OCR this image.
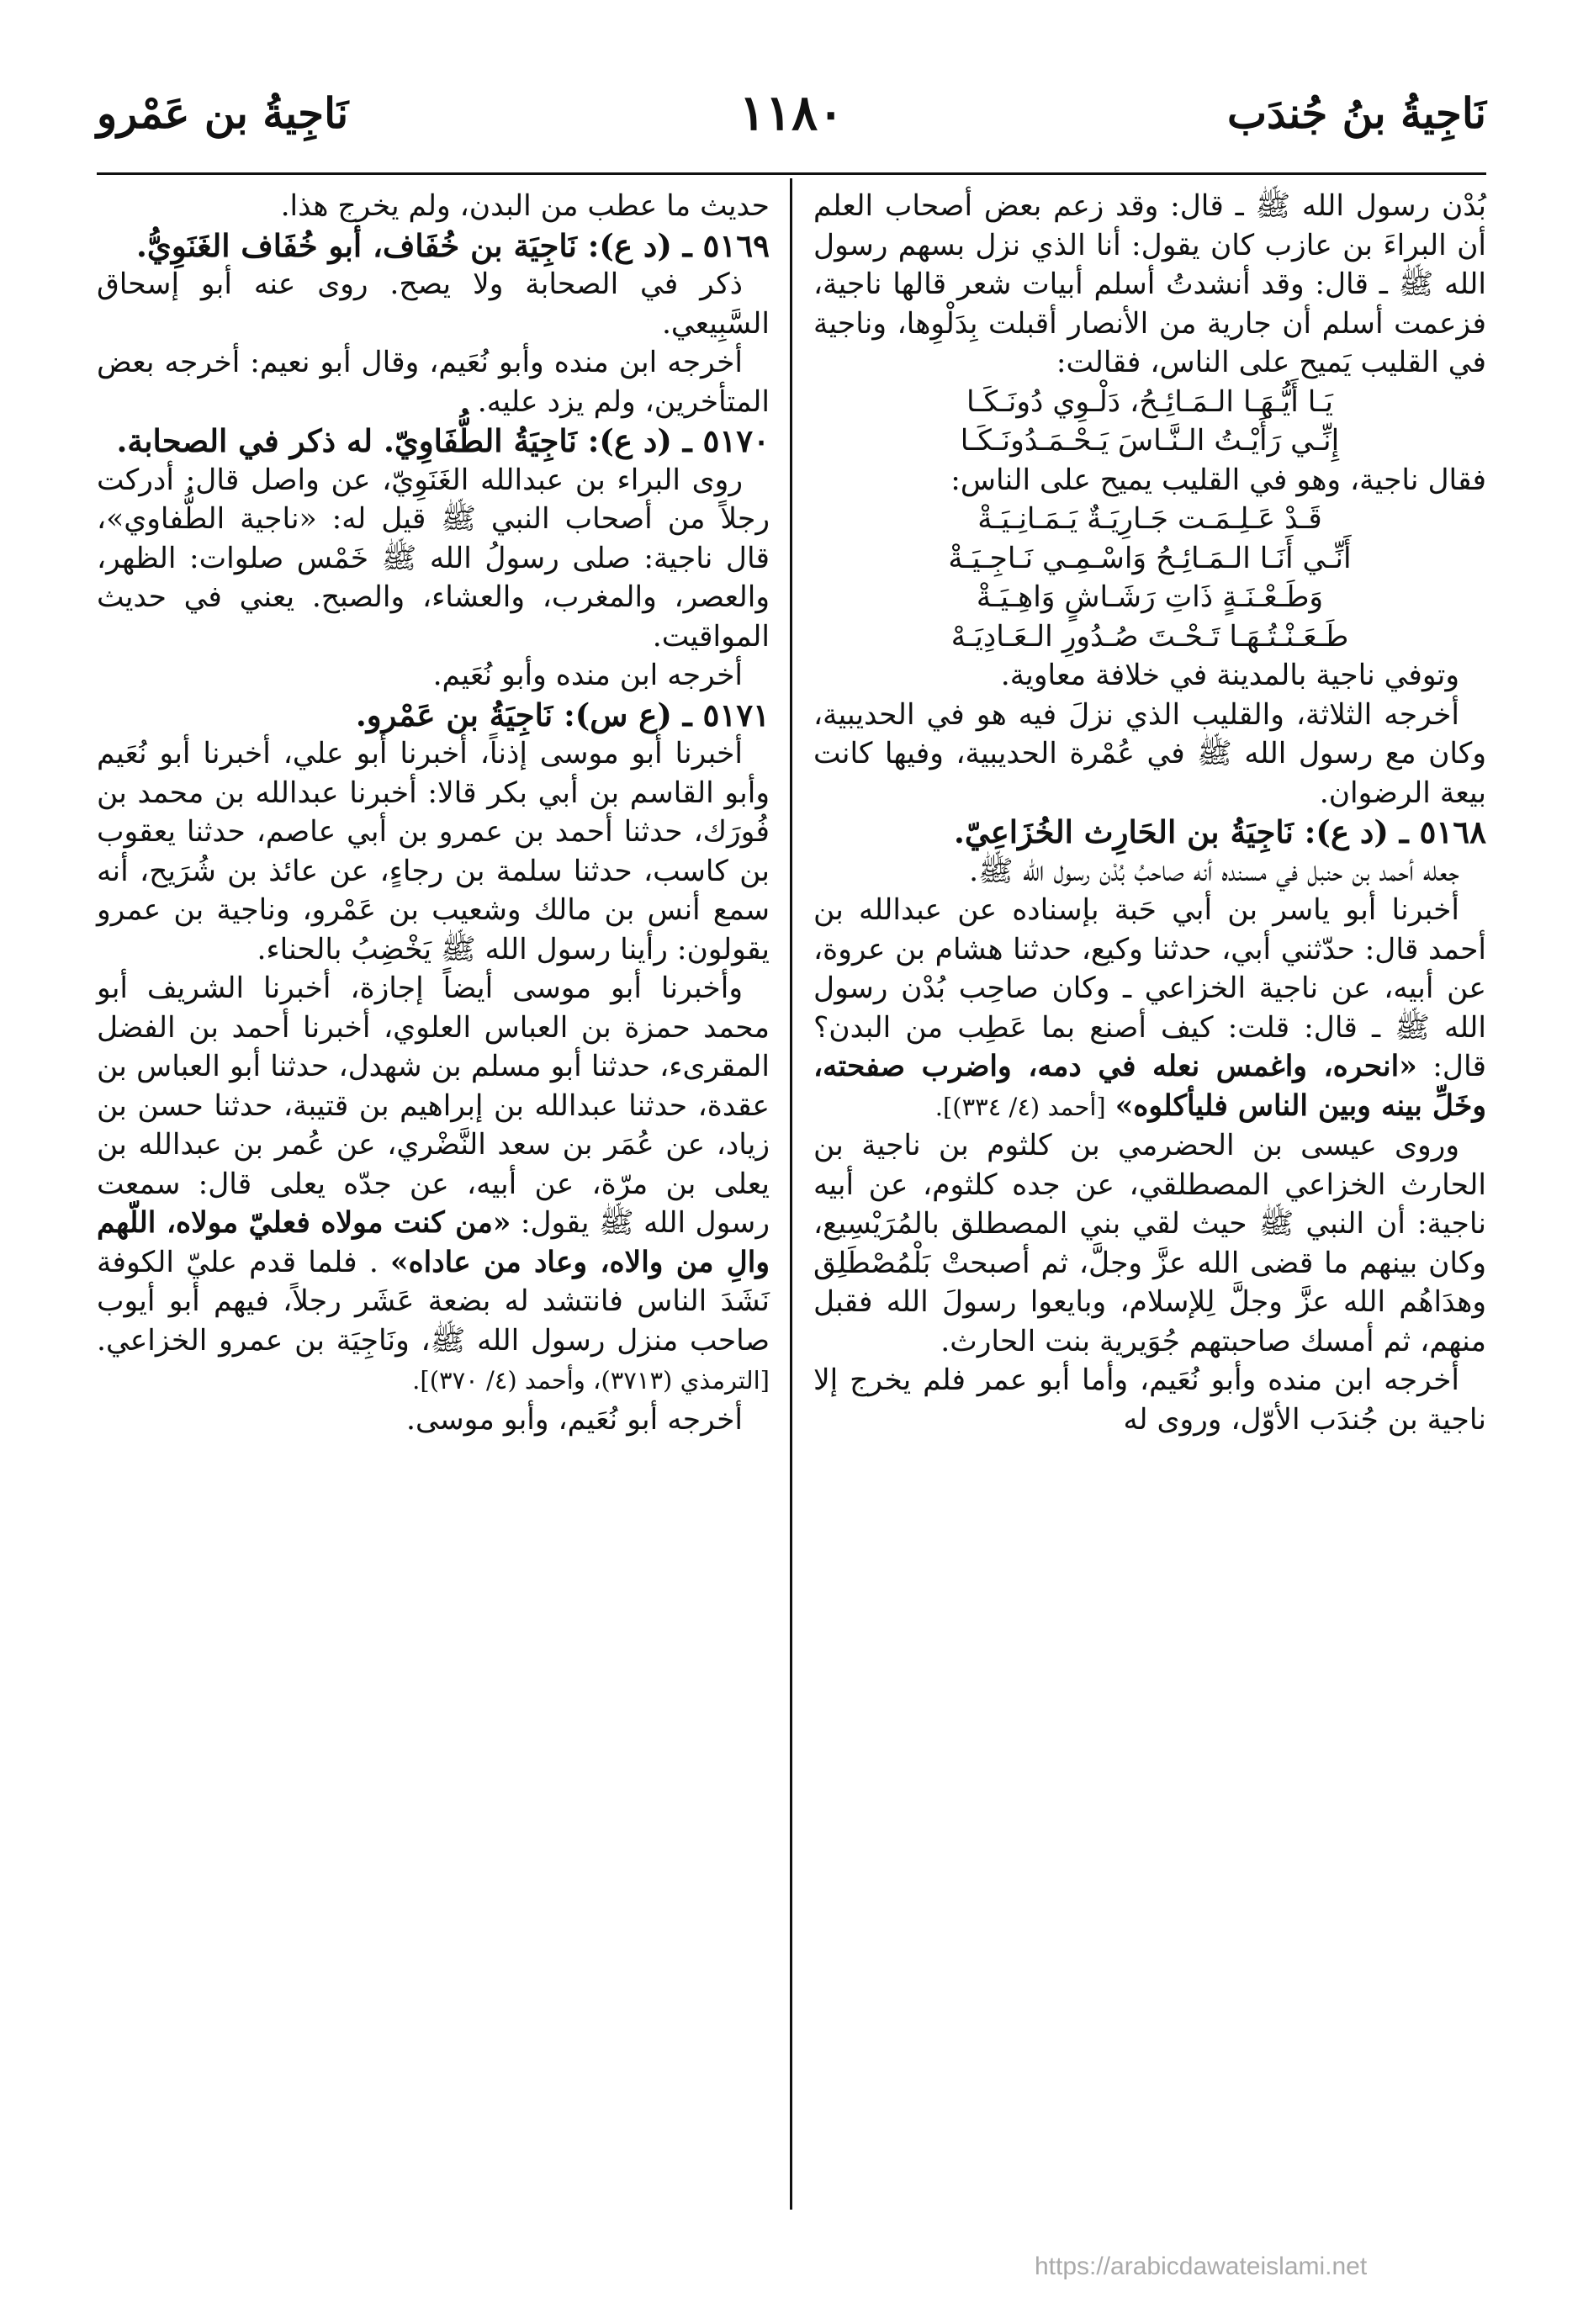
نَاجِيةُ بنُ جُندَب
١١٨٠
نَاجِيةُ بن عَمْرو

بُدْن رسول الله ﷺ ـ قال: وقد زعم بعض أصحاب العلم أن البراءَ بن عازب كان يقول: أنا الذي نزل بسهم رسول الله ﷺ ـ قال: وقد أنشدتُ أسلم أبيات شعر قالها ناجية، فزعمت أسلم أن جارية من الأنصار أقبلت بِدَلْوِها، وناجية في القليب يَميح على الناس، فقالت:

يَـا أَيُّـهَـا الـمَـائِـحُ، دَلْـوِي دُونَـكَـا

إِنِّـي رَأَيْـتُ الـنَّـاسَ يَـحْـمَـدُونَـكَـا

فقال ناجية، وهو في القليب يميح على الناس:

قَـدْ عَـلِـمَـت جَـارِيَـةٌ يَـمَـانِـيَـةْ

أَنِّـي أَنَـا الـمَـائِـحُ وَاسْـمِـي نَـاجِـيَـةْ

وَطَـعْـنَـةٍ ذَاتِ رَشَـاشٍ وَاهِـيَـةْ

طَـعَـنْـتُـهَـا تَـحْـتَ صُـدُورِ الـعَـادِيَـهْ

وتوفي ناجية بالمدينة في خلافة معاوية.

أخرجه الثلاثة، والقليب الذي نزلَ فيه هو في الحديبية، وكان مع رسول الله ﷺ في عُمْرة الحديبية، وفيها كانت بيعة الرضوان.

٥١٦٨ ـ (د ع): نَاجِيَةُ بن الحَارِث الخُزَاعِيّ.

جعله أحمد بن حنبل في مسنده أنه صاحبُ بُدْن رسول الله ﷺ.

أخبرنا أبو ياسر بن أبي حَبة بإسناده عن عبدالله بن أحمد قال: حدّثني أبي، حدثنا وكيع، حدثنا هشام بن عروة، عن أبيه، عن ناجية الخزاعي ـ وكان صاحِب بُدْن رسول الله ﷺ ـ قال: قلت: كيف أصنع بما عَطِب من البدن؟ قال: «انحره، واغمس نعله في دمه، واضرب صفحته، وخَلِّ بينه وبين الناس فليأكلوه» [أحمد (٤/ ٣٣٤)].

وروى عيسى بن الحضرمي بن كلثوم بن ناجية بن الحارث الخزاعي المصطلقي، عن جده كلثوم، عن أبيه ناجية: أن النبي ﷺ حيث لقي بني المصطلق بالمُرَيْسِيع، وكان بينهم ما قضى الله عزَّ وجلَّ، ثم أصبحتْ بَلْمُصْطَلِق وهدَاهُم الله عزَّ وجلَّ لِلإسلام، وبايعوا رسولَ الله فقبل منهم، ثم أمسك صاحبتهم جُوَيرية بنت الحارث.

أخرجه ابن منده وأبو نُعَيم، وأما أبو عمر فلم يخرج إلا ناجية بن جُندَب الأوّل، وروى له

حديث ما عطب من البدن، ولم يخرج هذا.

٥١٦٩ ـ (د ع): نَاجِيَة بن خُفَاف، أبو خُفَاف الغَنَوِيُّ.

ذكر في الصحابة ولا يصح. روى عنه أبو إسحاق السَّبِيعي.

أخرجه ابن منده وأبو نُعَيم، وقال أبو نعيم: أخرجه بعض المتأخرين، ولم يزد عليه.

٥١٧٠ ـ (د ع): نَاجِيَةُ الطُّفَاوِيّ. له ذكر في الصحابة.

روى البراء بن عبدالله الغَنَوِيّ، عن واصل قال: أدركت رجلاً من أصحاب النبي ﷺ قيل له: «ناجية الطُّفاوي»، قال ناجية: صلى رسولُ الله ﷺ خَمْس صلوات: الظهر، والعصر، والمغرب، والعشاء، والصبح. يعني في حديث المواقيت.

أخرجه ابن منده وأبو نُعَيم.

٥١٧١ ـ (ع س): نَاجِيَةُ بن عَمْرو.

أخبرنا أبو موسى إذناً، أخبرنا أبو علي، أخبرنا أبو نُعَيم وأبو القاسم بن أبي بكر قالا: أخبرنا عبدالله بن محمد بن فُورَك، حدثنا أحمد بن عمرو بن أبي عاصم، حدثنا يعقوب بن كاسب، حدثنا سلمة بن رجاءٍ، عن عائذ بن شُرَيح، أنه سمع أنس بن مالك وشعيب بن عَمْرو، وناجية بن عمرو يقولون: رأينا رسول الله ﷺ يَخْضِبُ بالحناء.

وأخبرنا أبو موسى أيضاً إجازة، أخبرنا الشريف أبو محمد حمزة بن العباس العلوي، أخبرنا أحمد بن الفضل المقرىء، حدثنا أبو مسلم بن شهدل، حدثنا أبو العباس بن عقدة، حدثنا عبدالله بن إبراهيم بن قتيبة، حدثنا حسن بن زياد، عن عُمَر بن سعد النَّضْري، عن عُمر بن عبدالله بن يعلى بن مرّة، عن أبيه، عن جدّه يعلى قال: سمعت رسول الله ﷺ يقول: «من كنت مولاه فعليّ مولاه، اللّهم والِ من والاه، وعاد من عاداه» . فلما قدم عليّ الكوفة نَشَدَ الناس فانتشد له بضعة عَشَر رجلاً، فيهم أبو أيوب صاحب منزل رسول الله ﷺ، ونَاجِيَة بن عمرو الخزاعي. [الترمذي (٣٧١٣)، وأحمد (٤/ ٣٧٠)].

أخرجه أبو نُعَيم، وأبو موسى.

https://arabicdawateislami.net
